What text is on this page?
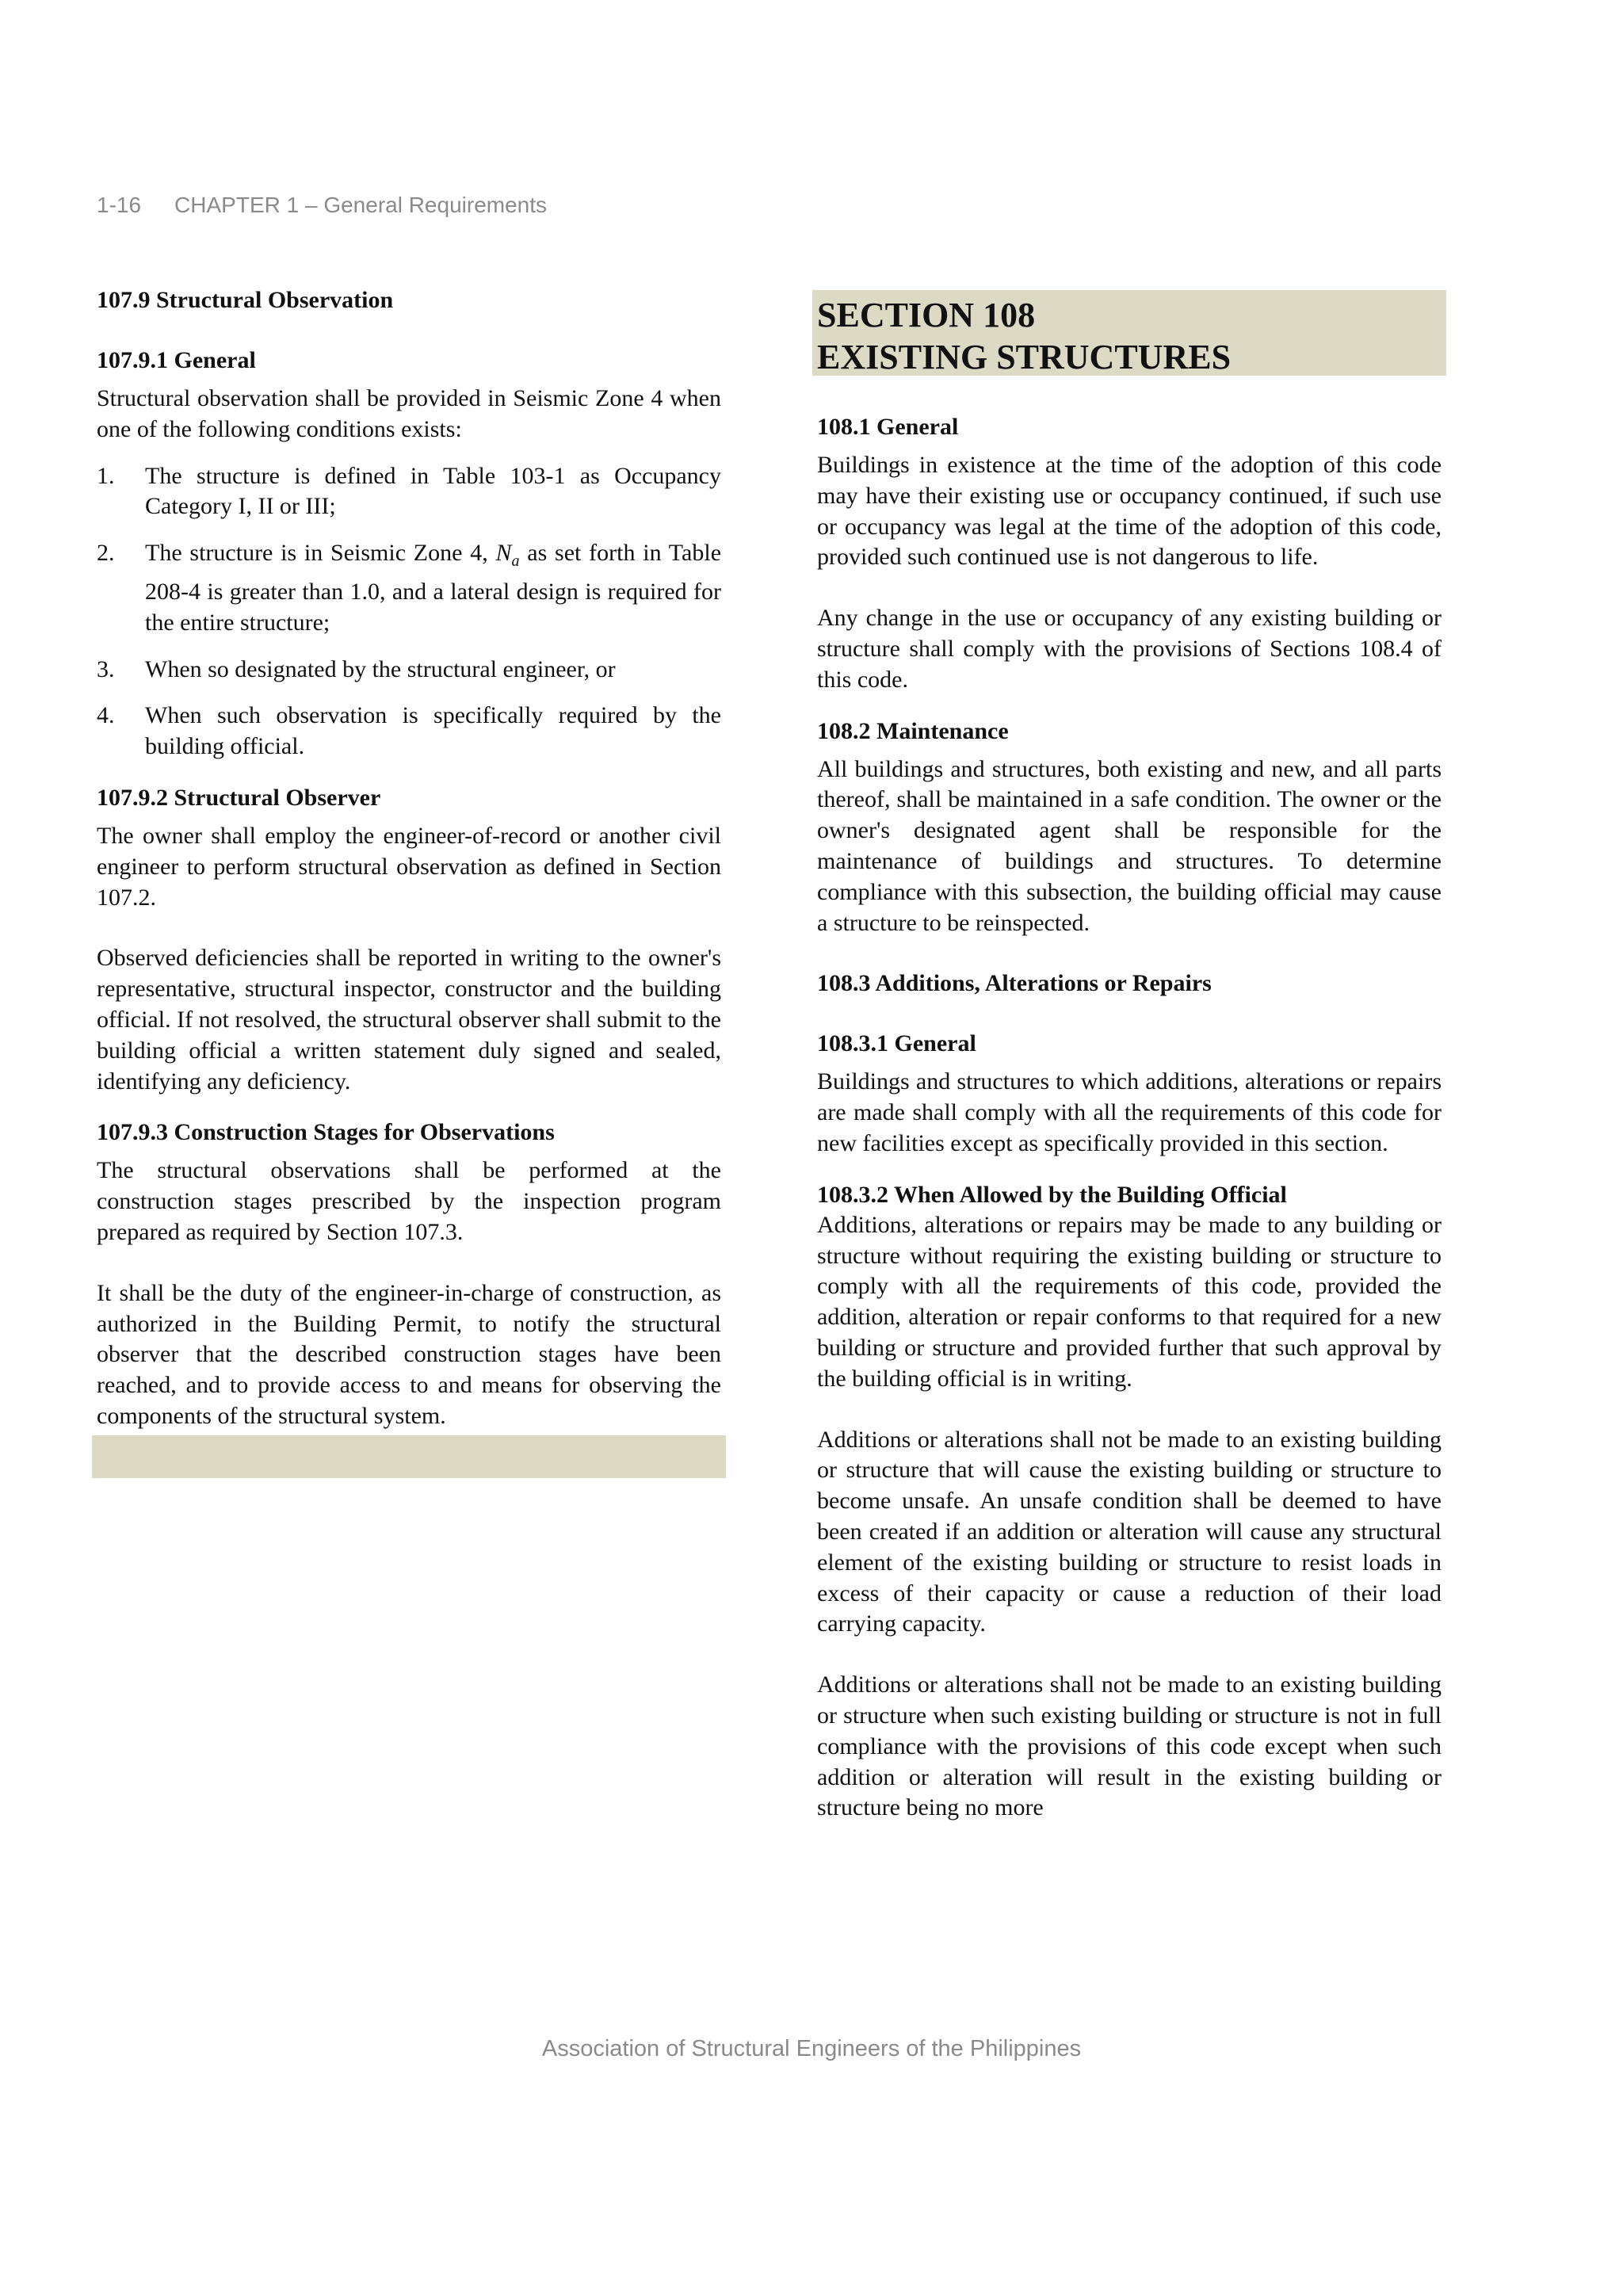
1-16 CHAPTER 1 – General Requirements
107.9 Structural Observation
107.9.1 General

Structural observation shall be provided in Seismic Zone 4 when one of the following conditions exists:

1. The structure is defined in Table 103-1 as Occupancy Category I, II or III;
2. The structure is in Seismic Zone 4, $N_a$ as set forth in Table 208-4 is greater than 1.0, and a lateral design is required for the entire structure;
3. When so designated by the structural engineer, or
4. When such observation is specifically required by the building official.
107.9.2 Structural Observer

The owner shall employ the engineer-of-record or another civil engineer to perform structural observation as defined in Section 107.2.

Observed deficiencies shall be reported in writing to the owner's representative, structural inspector, constructor and the building official. If not resolved, the structural observer shall submit to the building official a written statement duly signed and sealed, identifying any deficiency.

107.9.3 Construction Stages for Observations

The structural observations shall be performed at the construction stages prescribed by the inspection program prepared as required by Section 107.3.

It shall be the duty of the engineer-in-charge of construction, as authorized in the Building Permit, to notify the structural observer that the described construction stages have been reached, and to provide access to and means for observing the components of the structural system.

SECTION 108
EXISTING STRUCTURES
108.1 General

Buildings in existence at the time of the adoption of this code may have their existing use or occupancy continued, if such use or occupancy was legal at the time of the adoption of this code, provided such continued use is not dangerous to life.

Any change in the use or occupancy of any existing building or structure shall comply with the provisions of Sections 108.4 of this code.

108.2 Maintenance

All buildings and structures, both existing and new, and all parts thereof, shall be maintained in a safe condition. The owner or the owner's designated agent shall be responsible for the maintenance of buildings and structures. To determine compliance with this subsection, the building official may cause a structure to be reinspected.

108.3 Additions, Alterations or Repairs
108.3.1 General

Buildings and structures to which additions, alterations or repairs are made shall comply with all the requirements of this code for new facilities except as specifically provided in this section.

108.3.2 When Allowed by the Building Official

Additions, alterations or repairs may be made to any building or structure without requiring the existing building or structure to comply with all the requirements of this code, provided the addition, alteration or repair conforms to that required for a new building or structure and provided further that such approval by the building official is in writing.

Additions or alterations shall not be made to an existing building or structure that will cause the existing building or structure to become unsafe. An unsafe condition shall be deemed to have been created if an addition or alteration will cause any structural element of the existing building or structure to resist loads in excess of their capacity or cause a reduction of their load carrying capacity.

Additions or alterations shall not be made to an existing building or structure when such existing building or structure is not in full compliance with the provisions of this code except when such addition or alteration will result in the existing building or structure being no more

Association of Structural Engineers of the Philippines
